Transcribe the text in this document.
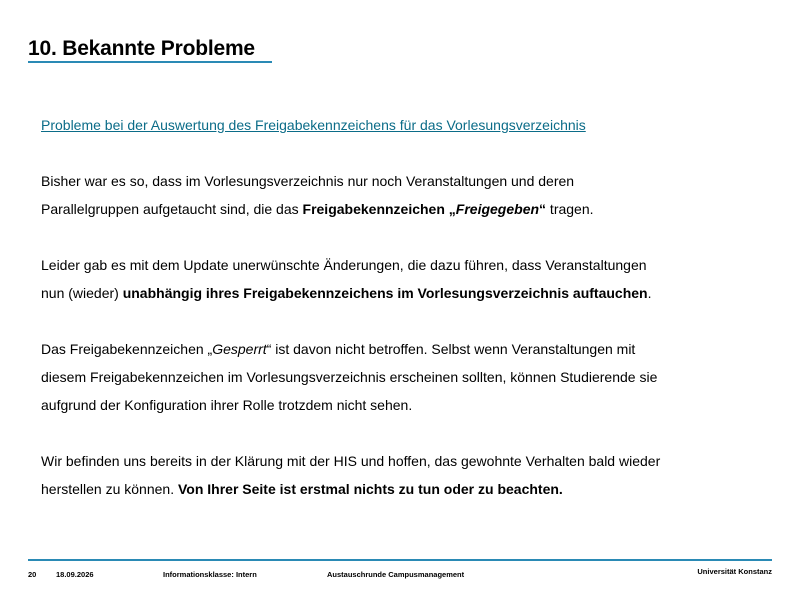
10. Bekannte Probleme

Probleme bei der Auswertung des Freigabekennzeichens für das Vorlesungsverzeichnis

Bisher war es so, dass im Vorlesungsverzeichnis nur noch Veranstaltungen und deren
Parallelgruppen aufgetaucht sind, die das Freigabekennzeichen „Freigegeben“ tragen.

Leider gab es mit dem Update unerwünschte Änderungen, die dazu führen, dass Veranstaltungen
nun (wieder) unabhängig ihres Freigabekennzeichens im Vorlesungsverzeichnis auftauchen.

Das Freigabekennzeichen „Gesperrt“ ist davon nicht betroffen. Selbst wenn Veranstaltungen mit
diesem Freigabekennzeichen im Vorlesungsverzeichnis erscheinen sollten, können Studierende sie
aufgrund der Konfiguration ihrer Rolle trotzdem nicht sehen.

Wir befinden uns bereits in der Klärung mit der HIS und hoffen, das gewohnte Verhalten bald wieder
herstellen zu können. Von Ihrer Seite ist erstmal nichts zu tun oder zu beachten.

20	18.09.2026	Informationsklasse: Intern	Austauschrunde Campusmanagement	Universität Konstanz
